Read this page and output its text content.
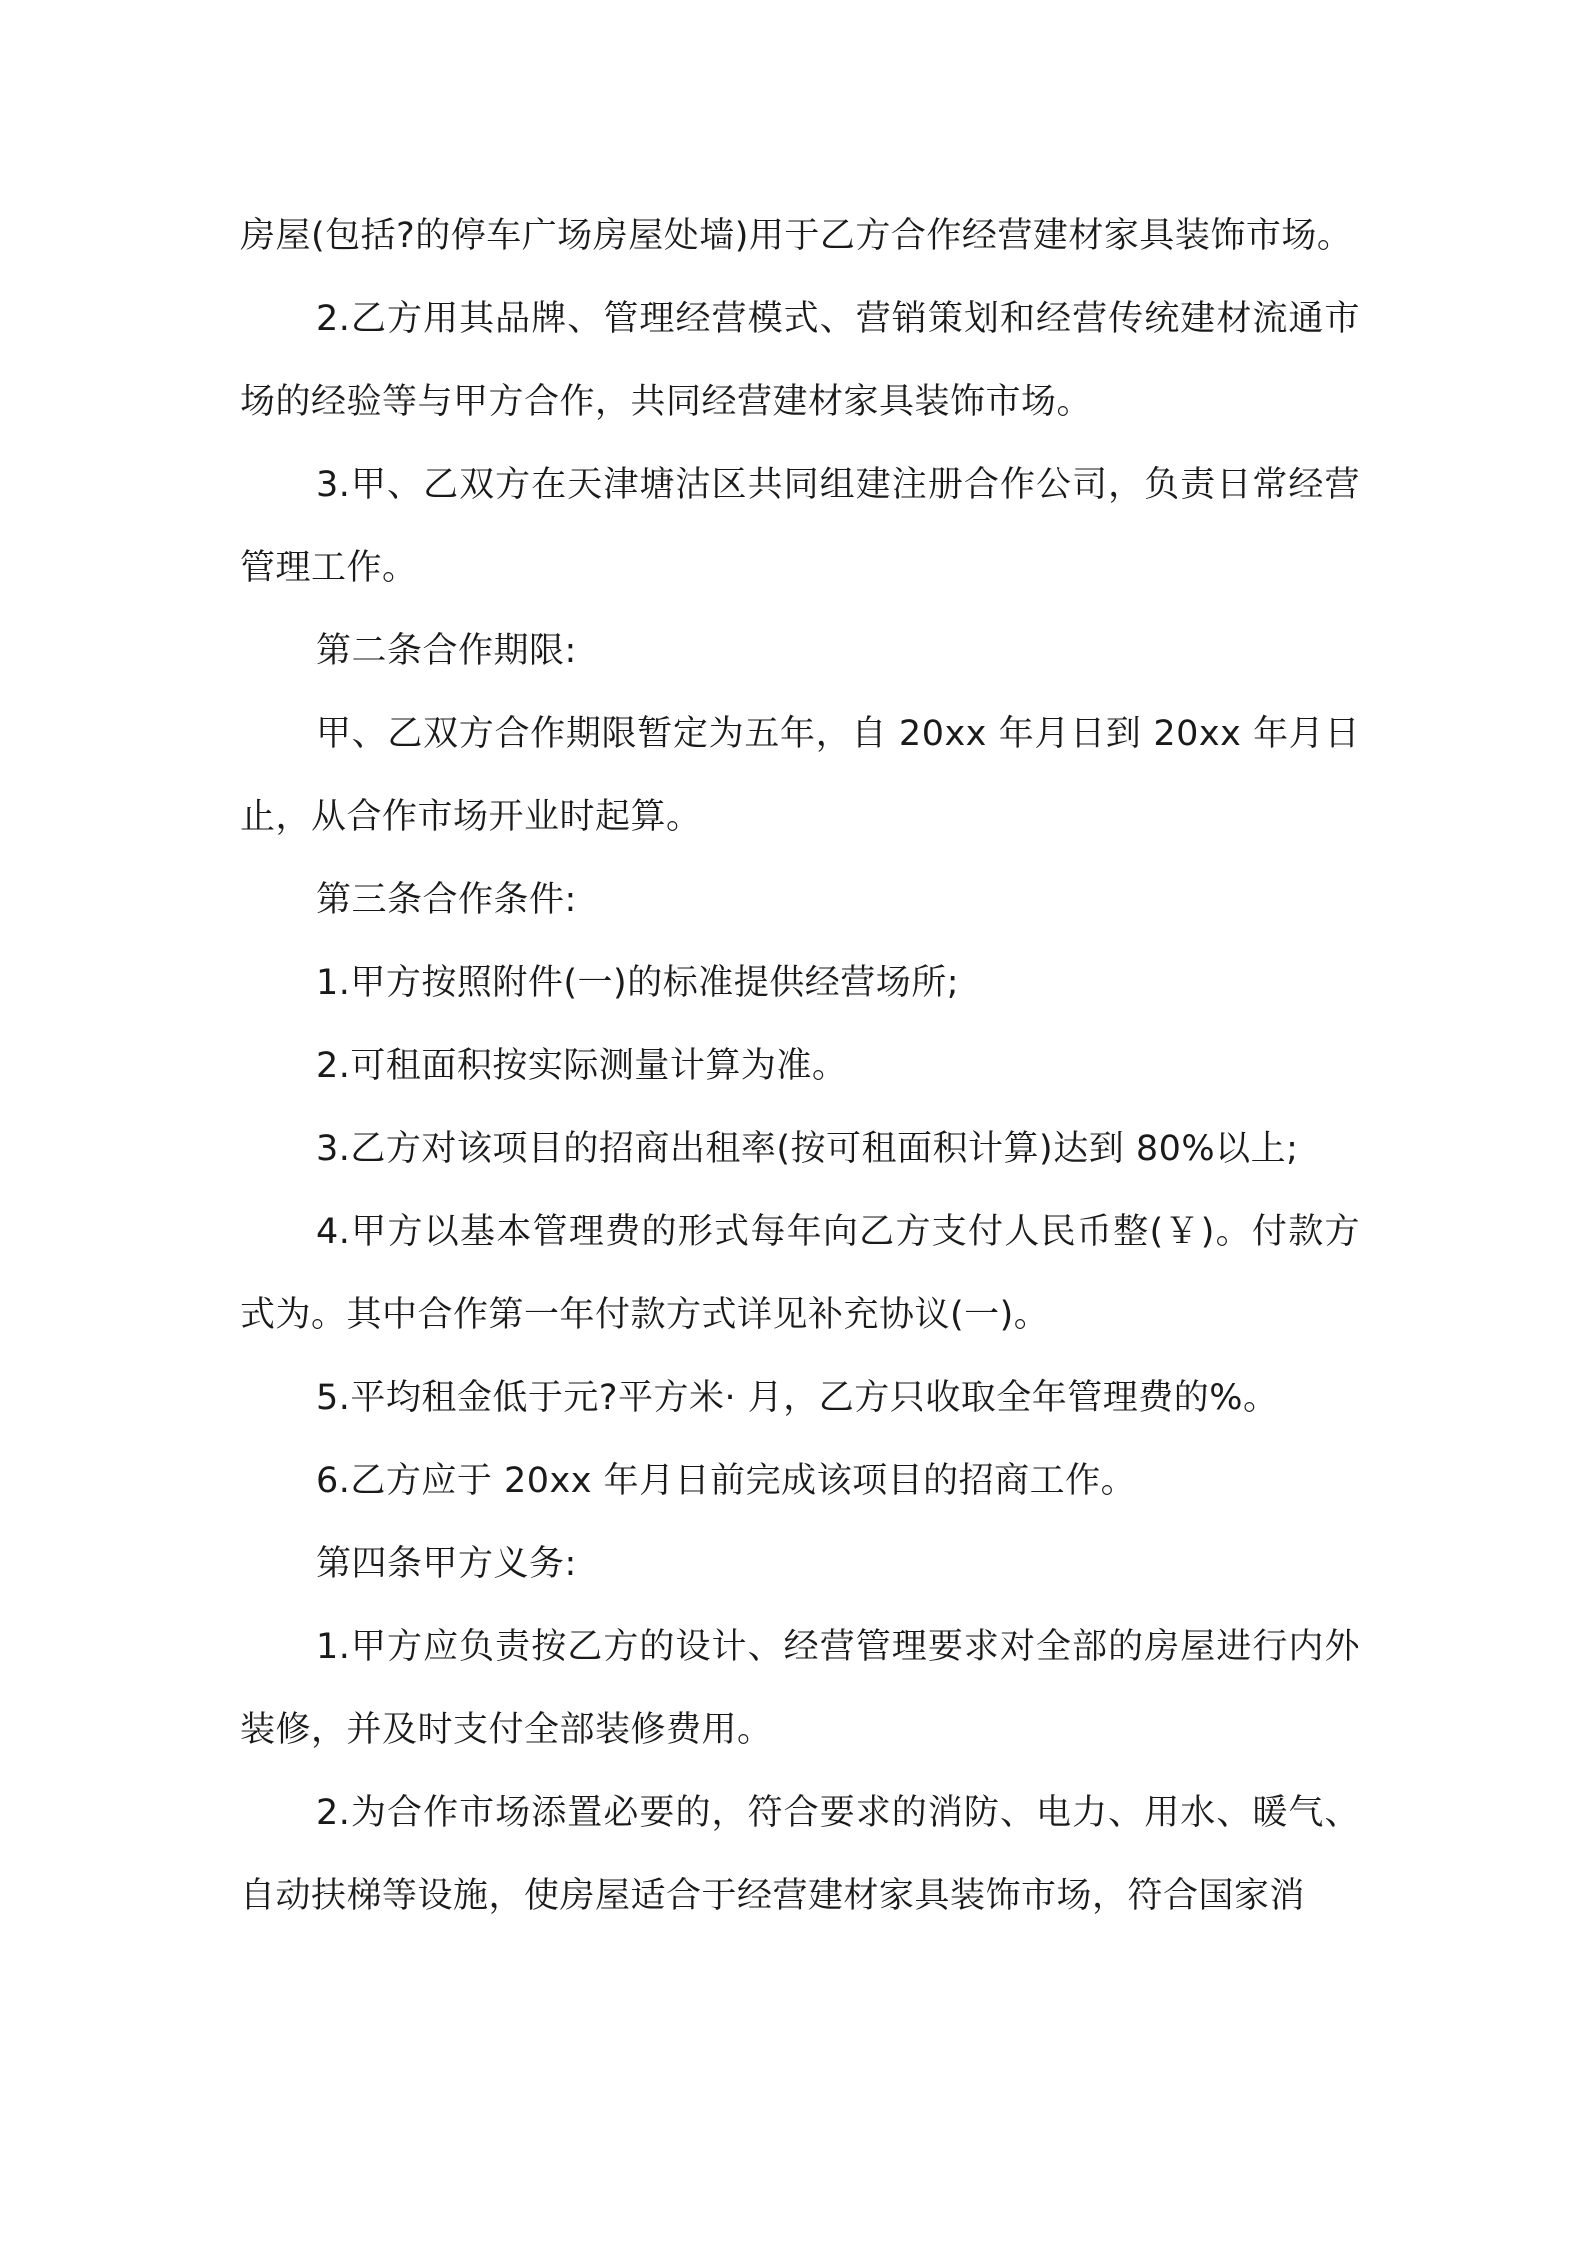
房屋(包括?的停车广场房屋处墙)用于乙方合作经营建材家具装饰市场。

2.乙方用其品牌、管理经营模式、营销策划和经营传统建材流通市场的经验等与甲方合作，共同经营建材家具装饰市场。

3.甲、乙双方在天津塘沽区共同组建注册合作公司，负责日常经营管理工作。

第二条合作期限:

甲、乙双方合作期限暂定为五年，自 20xx 年月日到 20xx 年月日止，从合作市场开业时起算。

第三条合作条件:

1.甲方按照附件(一)的标准提供经营场所;

2.可租面积按实际测量计算为准。

3.乙方对该项目的招商出租率(按可租面积计算)达到 80%以上;

4.甲方以基本管理费的形式每年向乙方支付人民币整(￥)。付款方式为。其中合作第一年付款方式详见补充协议(一)。

5.平均租金低于元?平方米· 月，乙方只收取全年管理费的%。

6.乙方应于 20xx 年月日前完成该项目的招商工作。

第四条甲方义务:

1.甲方应负责按乙方的设计、经营管理要求对全部的房屋进行内外装修，并及时支付全部装修费用。

2.为合作市场添置必要的，符合要求的消防、电力、用水、暖气、自动扶梯等设施，使房屋适合于经营建材家具装饰市场，符合国家消
